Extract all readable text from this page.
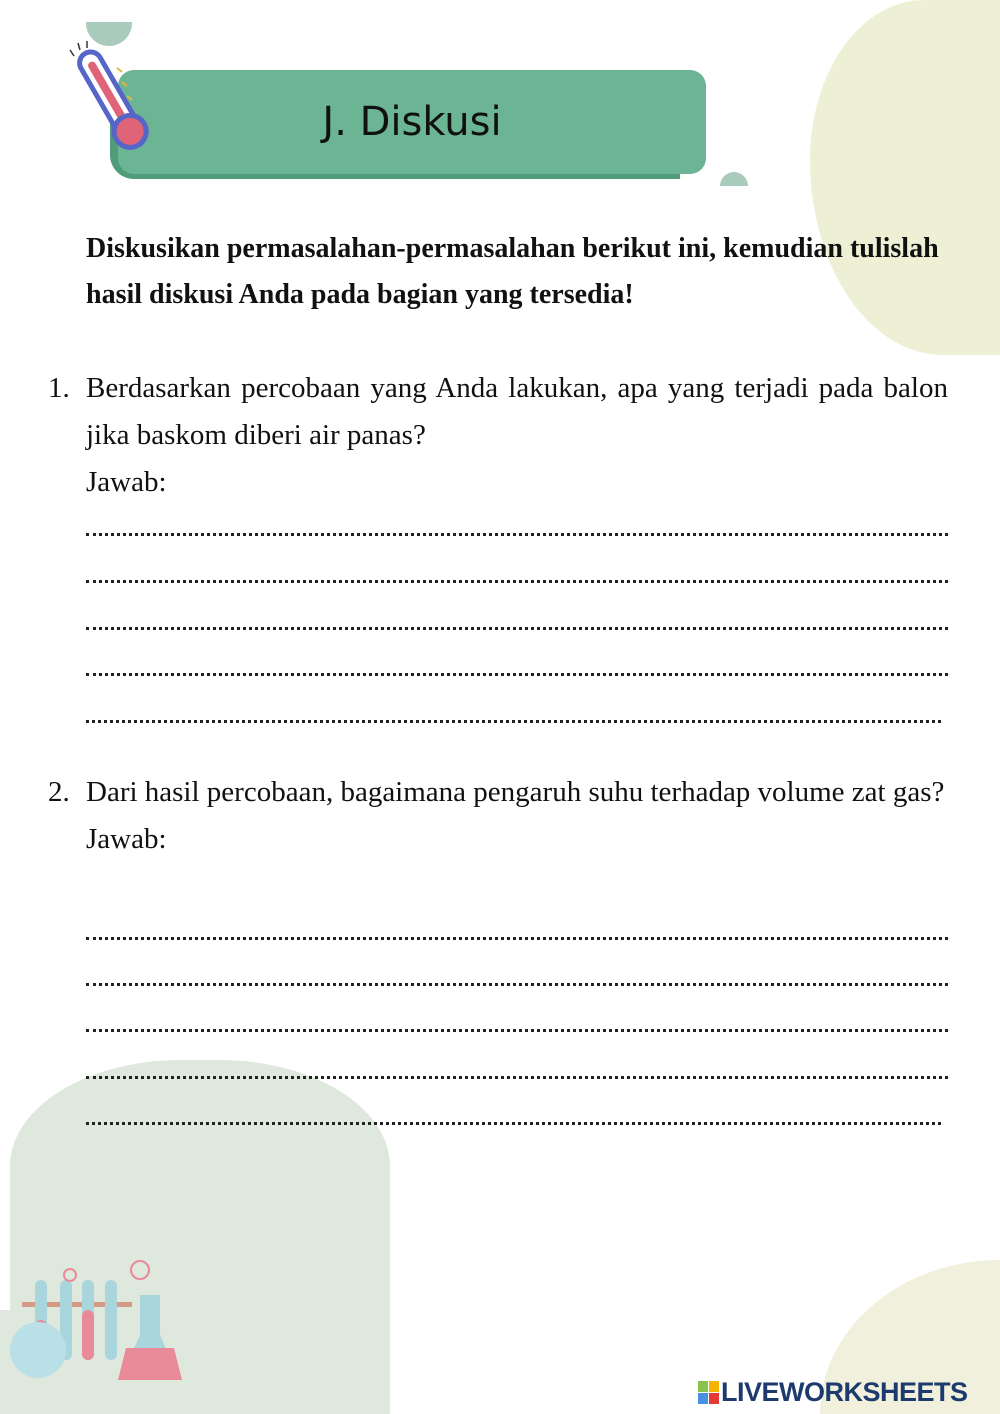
J. Diskusi
Diskusikan permasalahan-permasalahan berikut ini, kemudian tulislah hasil diskusi Anda pada bagian yang tersedia!
1. Berdasarkan percobaan yang Anda lakukan, apa yang terjadi pada balon jika baskom diberi air panas?
Jawab:
2. Dari hasil percobaan, bagaimana pengaruh suhu terhadap volume zat gas?
Jawab:
LIVEWORKSHEETS
